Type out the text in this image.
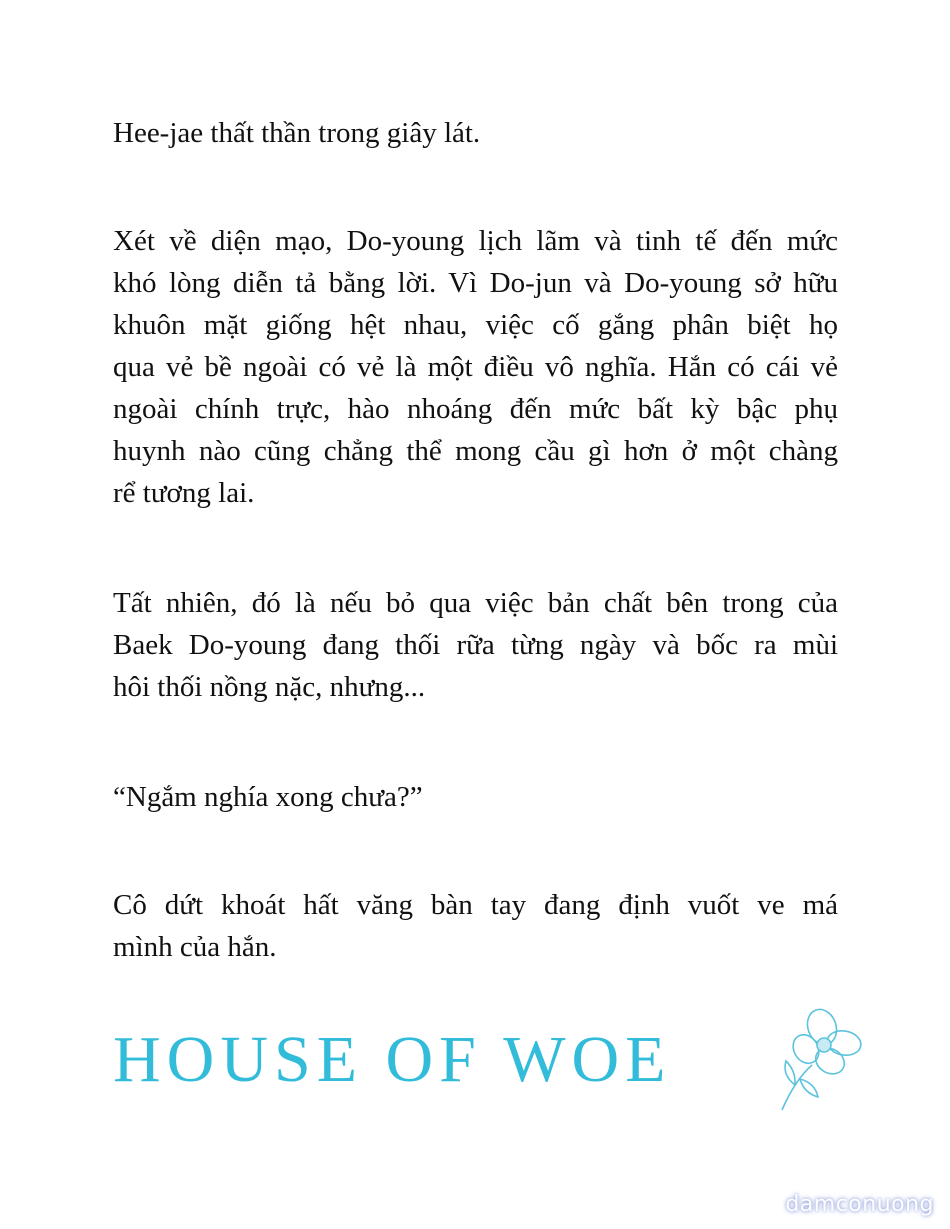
Hee-jae thất thần trong giây lát.
Xét về diện mạo, Do-young lịch lãm và tinh tế đến mức
khó lòng diễn tả bằng lời. Vì Do-jun và Do-young sở hữu
khuôn mặt giống hệt nhau, việc cố gắng phân biệt họ
qua vẻ bề ngoài có vẻ là một điều vô nghĩa. Hắn có cái vẻ
ngoài chính trực, hào nhoáng đến mức bất kỳ bậc phụ
huynh nào cũng chẳng thể mong cầu gì hơn ở một chàng
rể tương lai.
Tất nhiên, đó là nếu bỏ qua việc bản chất bên trong của
Baek Do-young đang thối rữa từng ngày và bốc ra mùi
hôi thối nồng nặc, nhưng...
“Ngắm nghía xong chưa?”
Cô dứt khoát hất văng bàn tay đang định vuốt ve má
mình của hắn.
HOUSE OF WOE
damconuong
